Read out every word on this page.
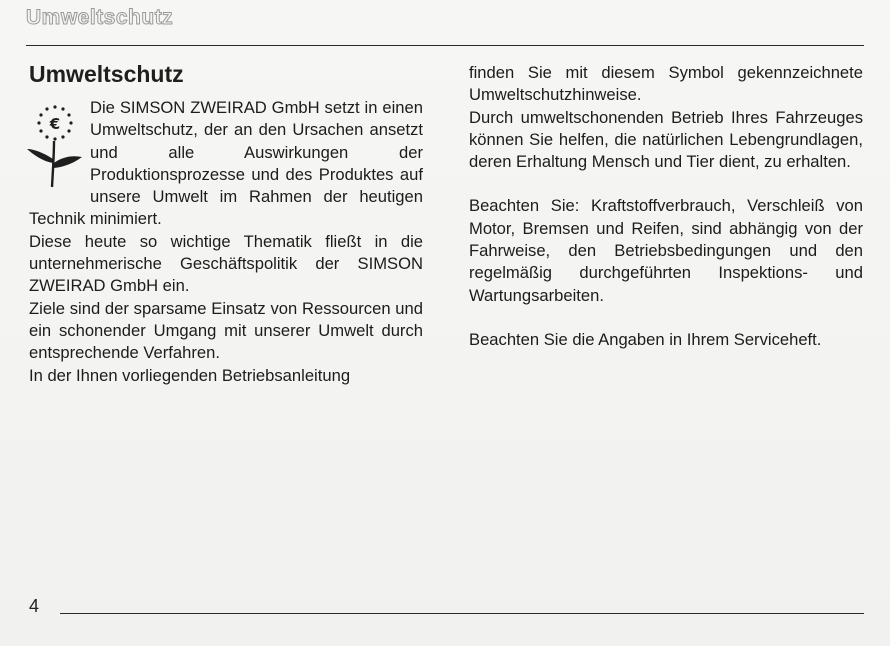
Umweltschutz
Umweltschutz
€

Die SIMSON ZWEIRAD GmbH setzt in einen Umweltschutz, der an den Ursachen ansetzt und alle Auswirkungen der Produktionsprozesse und des Produktes auf unsere Umwelt im Rahmen der heutigen Technik minimiert.

Diese heute so wichtige Thematik fließt in die unternehmerische Geschäftspolitik der SIMSON ZWEIRAD GmbH ein.

Ziele sind der sparsame Einsatz von Ressourcen und ein schonender Umgang mit unserer Umwelt durch entsprechende Verfahren.

In der Ihnen vorliegenden Betriebsanleitung

finden Sie mit diesem Symbol gekennzeichnete Umweltschutzhinweise.

Durch umweltschonenden Betrieb Ihres Fahrzeuges können Sie helfen, die natürlichen Lebengrundlagen, deren Erhaltung Mensch und Tier dient, zu erhalten.

Beachten Sie: Kraftstoffverbrauch, Verschleiß von Motor, Bremsen und Reifen, sind abhängig von der Fahrweise, den Betriebsbedingungen und den regelmäßig durchgeführten Inspektions- und Wartungsarbeiten.

Beachten Sie die Angaben in Ihrem Serviceheft.

4
